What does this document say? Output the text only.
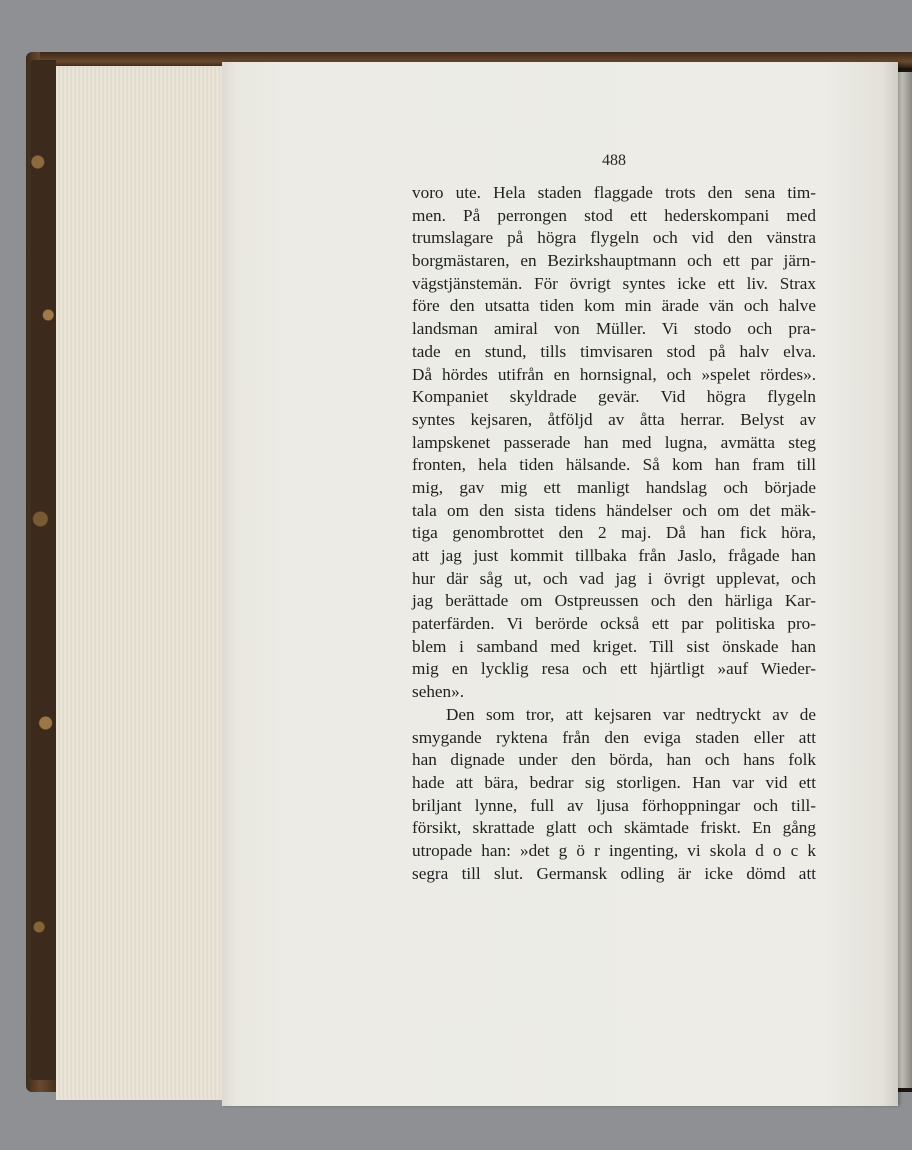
488
voro ute. Hela staden flaggade trots den sena tim-
men. På perrongen stod ett hederskompani med
trumslagare på högra flygeln och vid den vänstra
borgmästaren, en Bezirkshauptmann och ett par järn-
vägstjänstemän. För övrigt syntes icke ett liv. Strax
före den utsatta tiden kom min ärade vän och halve
landsman amiral von Müller. Vi stodo och pra-
tade en stund, tills timvisaren stod på halv elva.
Då hördes utifrån en hornsignal, och »spelet rördes».
Kompaniet skyldrade gevär. Vid högra flygeln
syntes kejsaren, åtföljd av åtta herrar. Belyst av
lampskenet passerade han med lugna, avmätta steg
fronten, hela tiden hälsande. Så kom han fram till
mig, gav mig ett manligt handslag och började
tala om den sista tidens händelser och om det mäk-
tiga genombrottet den 2 maj. Då han fick höra,
att jag just kommit tillbaka från Jaslo, frågade han
hur där såg ut, och vad jag i övrigt upplevat, och
jag berättade om Ostpreussen och den härliga Kar-
paterfärden. Vi berörde också ett par politiska pro-
blem i samband med kriget. Till sist önskade han
mig en lycklig resa och ett hjärtligt »auf Wieder-
sehen».
Den som tror, att kejsaren var nedtryckt av de
smygande ryktena från den eviga staden eller att
han dignade under den börda, han och hans folk
hade att bära, bedrar sig storligen. Han var vid ett
briljant lynne, full av ljusa förhoppningar och till-
försikt, skrattade glatt och skämtade friskt. En gång
utropade han: »det g ö r ingenting, vi skola d o c k
segra till slut. Germansk odling är icke dömd att
